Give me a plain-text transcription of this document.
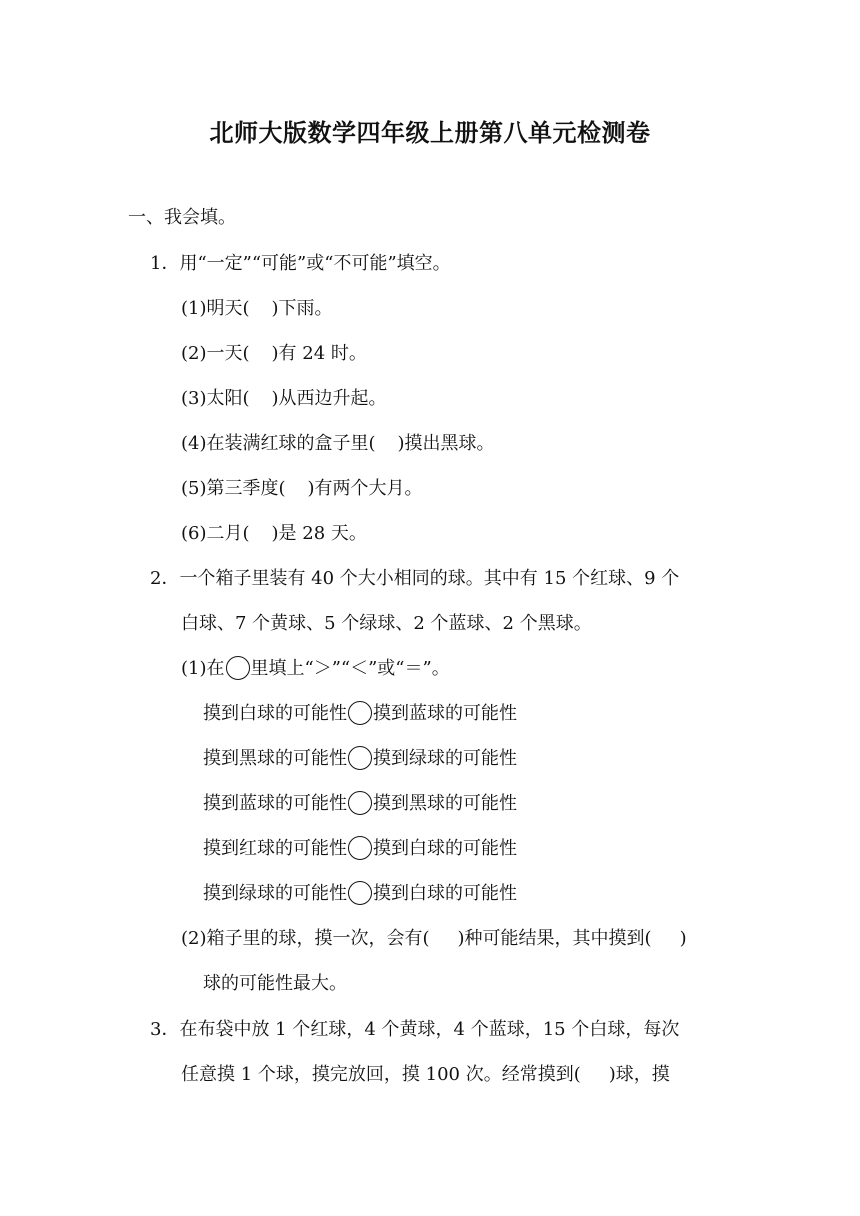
北师大版数学四年级上册第八单元检测卷
一、我会填。
1．用“一定”“可能”或“不可能”填空。
(1)明天( )下雨。
(2)一天( )有 24 时。
(3)太阳( )从西边升起。
(4)在装满红球的盒子里( )摸出黑球。
(5)第三季度( )有两个大月。
(6)二月( )是 28 天。
2．一个箱子里装有 40 个大小相同的球。其中有 15 个红球、9 个
白球、7 个黄球、5 个绿球、2 个蓝球、2 个黑球。
(1)在 里填上“＞”“＜”或“＝”。
摸到白球的可能性 摸到蓝球的可能性
摸到黑球的可能性 摸到绿球的可能性
摸到蓝球的可能性 摸到黑球的可能性
摸到红球的可能性 摸到白球的可能性
摸到绿球的可能性 摸到白球的可能性
(2)箱子里的球，摸一次，会有( )种可能结果，其中摸到( )
球的可能性最大。
3．在布袋中放 1 个红球，4 个黄球，4 个蓝球，15 个白球，每次
任意摸 1 个球，摸完放回，摸 100 次。经常摸到( )球，摸
